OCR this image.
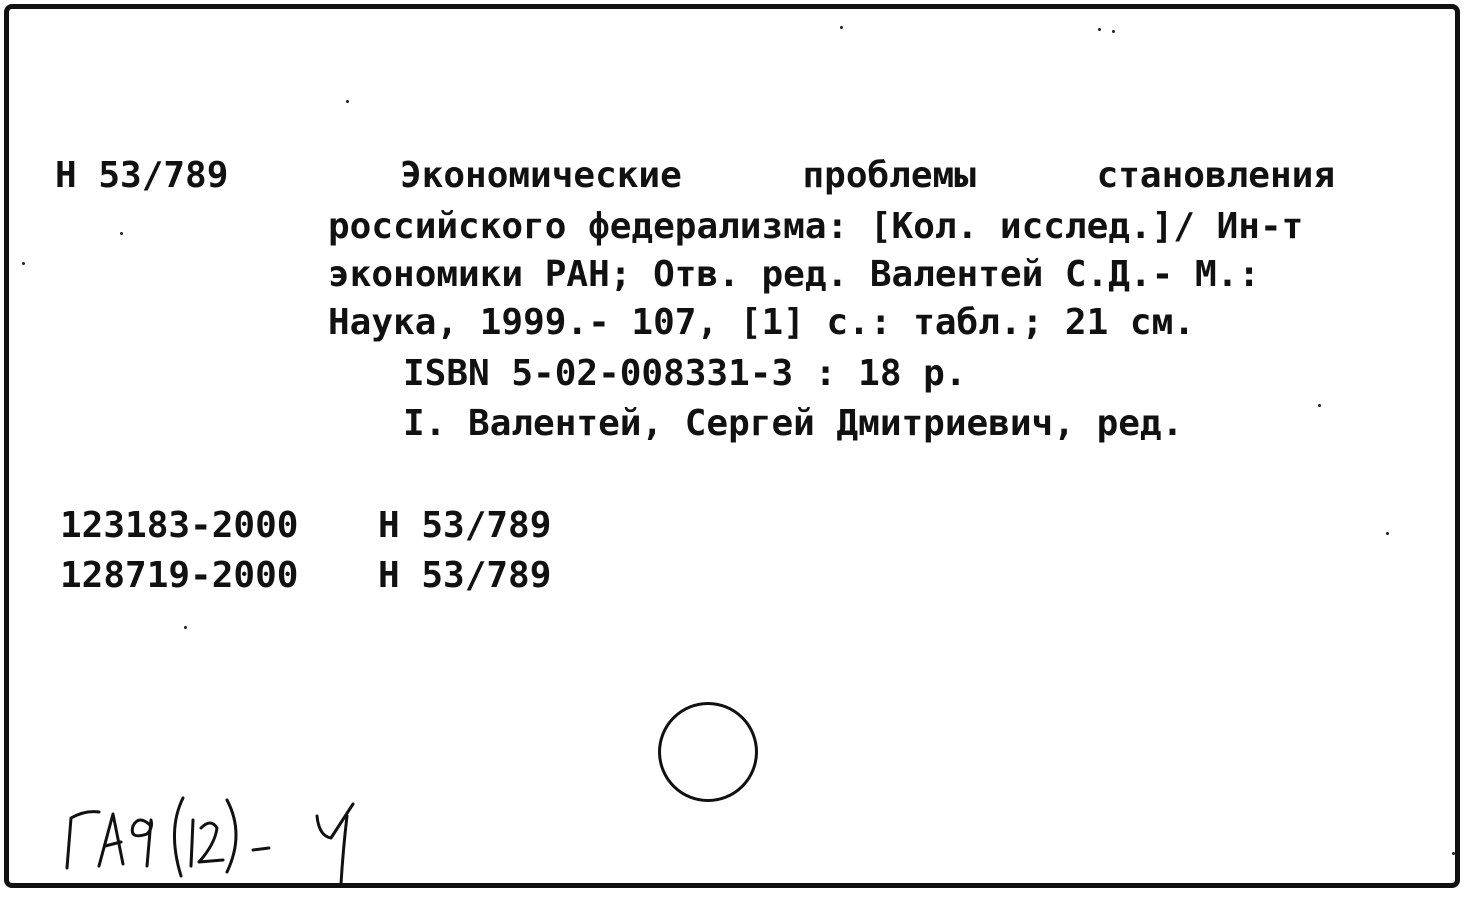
Н 53/789	Экономические проблемы становления
российского федерализма: [Кол. исслед.]/ Ин-т
экономики РАН; Отв. ред. Валентей С.Д.- М.:
Наука, 1999.- 107, [1] с.: табл.; 21 см.
ISBN 5-02-008331-3 : 18 р.
I. Валентей, Сергей Дмитриевич, ред.
123183-2000 Н 53/789
128719-2000 Н 53/789
